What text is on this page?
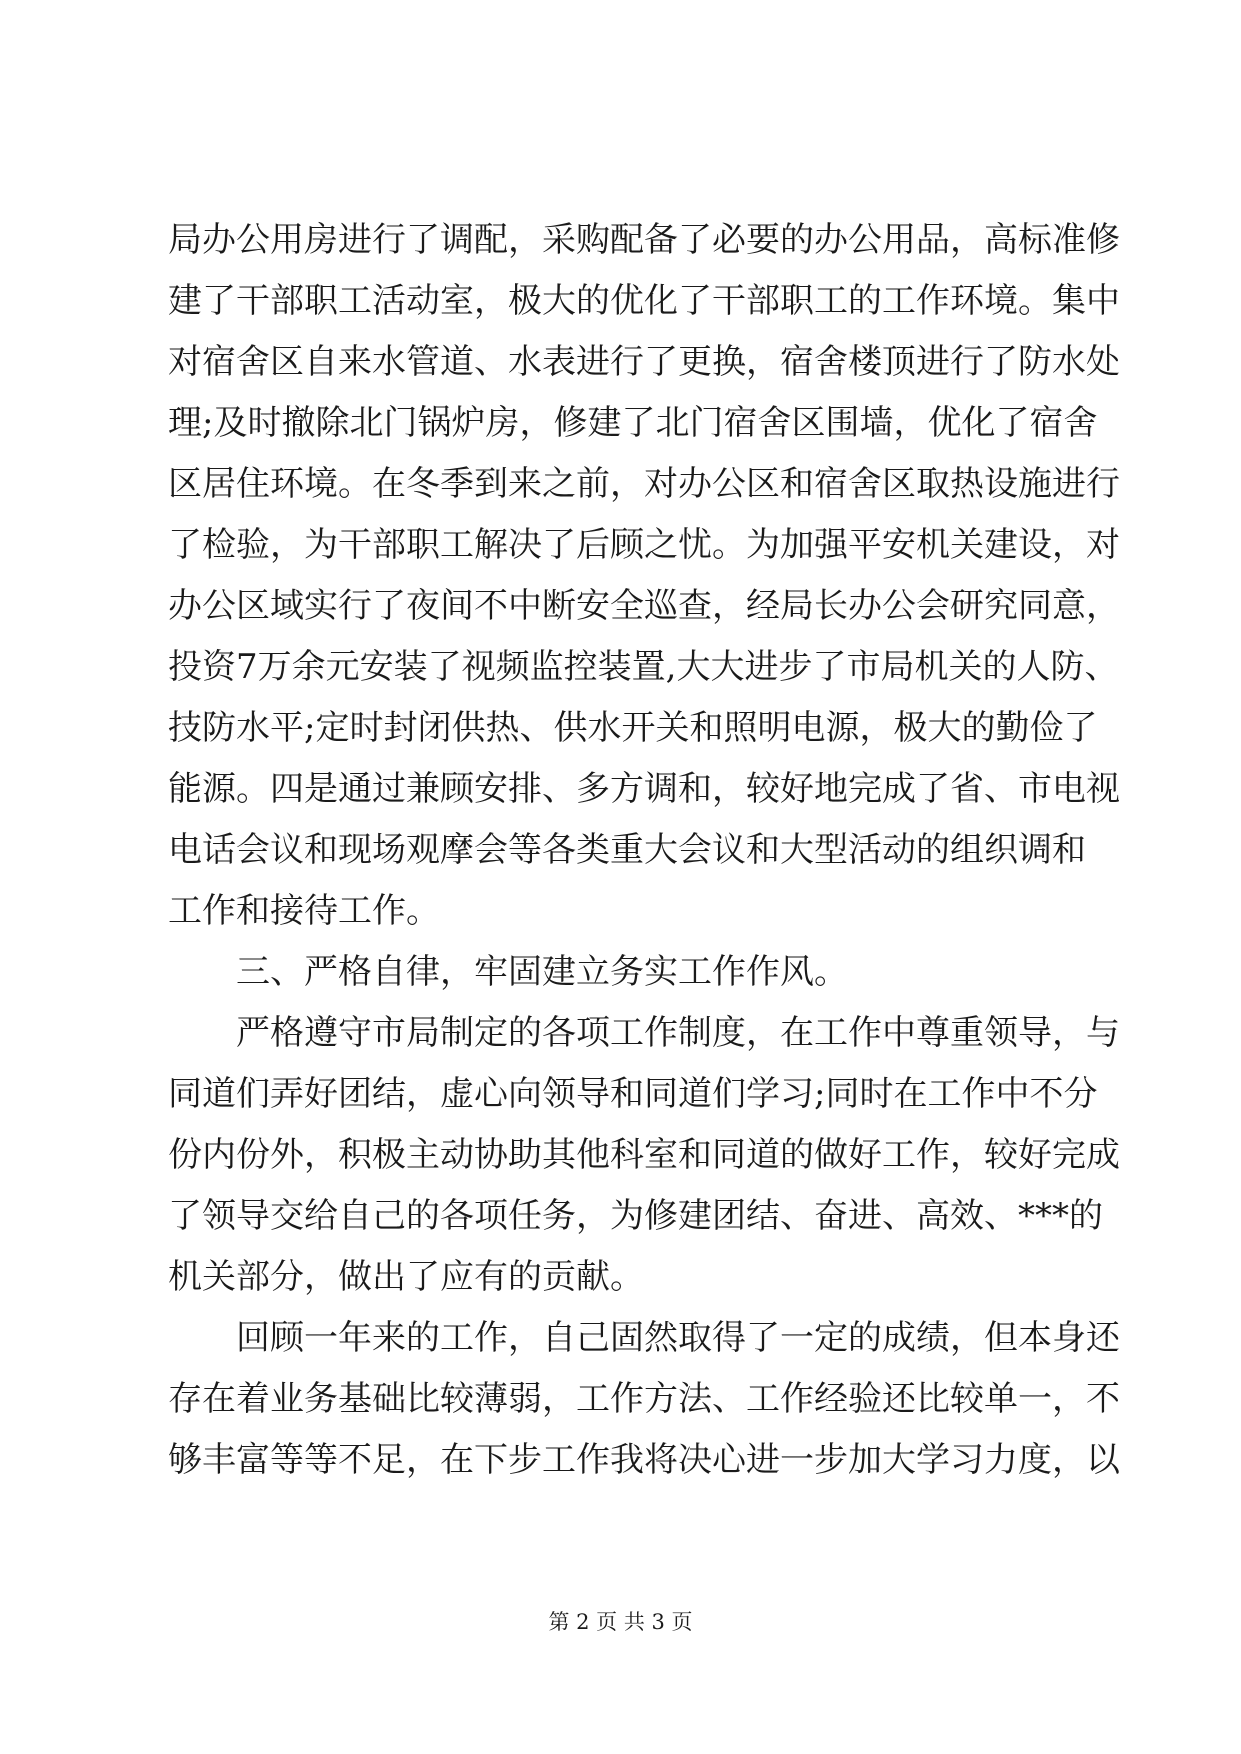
局办公用房进行了调配，采购配备了必要的办公用品，高标准修
建了干部职工活动室，极大的优化了干部职工的工作环境。集中
对宿舍区自来水管道、水表进行了更换，宿舍楼顶进行了防水处
理;及时撤除北门锅炉房，修建了北门宿舍区围墙，优化了宿舍
区居住环境。在冬季到来之前，对办公区和宿舍区取热设施进行
了检验，为干部职工解决了后顾之忧。为加强平安机关建设，对
办公区域实行了夜间不中断安全巡查，经局长办公会研究同意，
投资7万余元安装了视频监控装置,大大进步了市局机关的人防、
技防水平;定时封闭供热、供水开关和照明电源，极大的勤俭了
能源。四是通过兼顾安排、多方调和，较好地完成了省、市电视
电话会议和现场观摩会等各类重大会议和大型活动的组织调和
工作和接待工作。
三、严格自律，牢固建立务实工作作风。
严格遵守市局制定的各项工作制度，在工作中尊重领导，与
同道们弄好团结，虚心向领导和同道们学习;同时在工作中不分
份内份外，积极主动协助其他科室和同道的做好工作，较好完成
了领导交给自己的各项任务，为修建团结、奋进、高效、***的
机关部分，做出了应有的贡献。
回顾一年来的工作，自己固然取得了一定的成绩，但本身还
存在着业务基础比较薄弱，工作方法、工作经验还比较单一，不
够丰富等等不足，在下步工作我将决心进一步加大学习力度，以
第 2 页 共 3 页
